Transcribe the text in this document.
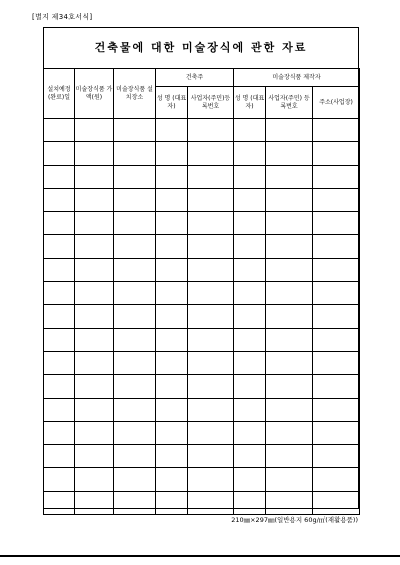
[별지 제34호서식]
건축물에 대한 미술장식에 관한 자료
설치예정(완료)일	미술장식품 가액(원)	미술장식품 설치장소	건축주		미술장식품 제작자		
			성 명 (대표자)	사업자(주민)등록번호	성 명 (대표자)	사업자(주민) 등록번호	주소(사업장)

210㎜×297㎜(일반용지 60g/㎡(재활용품))
